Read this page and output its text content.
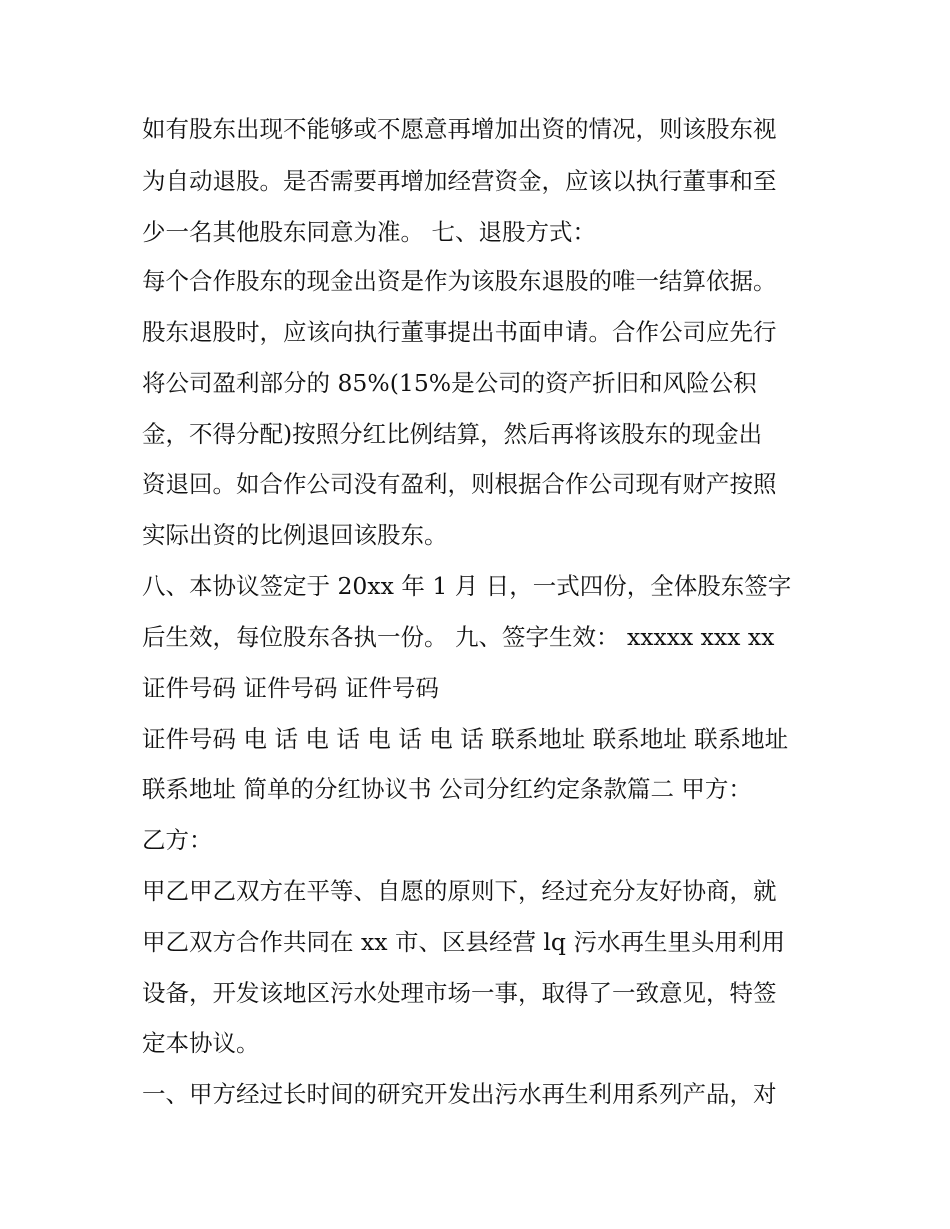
如有股东出现不能够或不愿意再增加出资的情况，则该股东视

为自动退股。是否需要再增加经营资金，应该以执行董事和至

少一名其他股东同意为准。 七、退股方式：

每个合作股东的现金出资是作为该股东退股的唯一结算依据。

股东退股时，应该向执行董事提出书面申请。合作公司应先行

将公司盈利部分的 85%(15%是公司的资产折旧和风险公积

金，不得分配)按照分红比例结算，然后再将该股东的现金出

资退回。如合作公司没有盈利，则根据合作公司现有财产按照

实际出资的比例退回该股东。

八、本协议签定于 20xx 年 1 月 日，一式四份，全体股东签字

后生效，每位股东各执一份。 九、签字生效： xxxxx xxx xx

证件号码 证件号码 证件号码

证件号码 电 话 电 话 电 话 电 话 联系地址 联系地址 联系地址

联系地址 简单的分红协议书 公司分红约定条款篇二 甲方：

乙方：

甲乙甲乙双方在平等、自愿的原则下，经过充分友好协商，就

甲乙双方合作共同在 xx 市、区县经营 lq 污水再生里头用利用

设备，开发该地区污水处理市场一事，取得了一致意见，特签

定本协议。

一、甲方经过长时间的研究开发出污水再生利用系列产品，对
